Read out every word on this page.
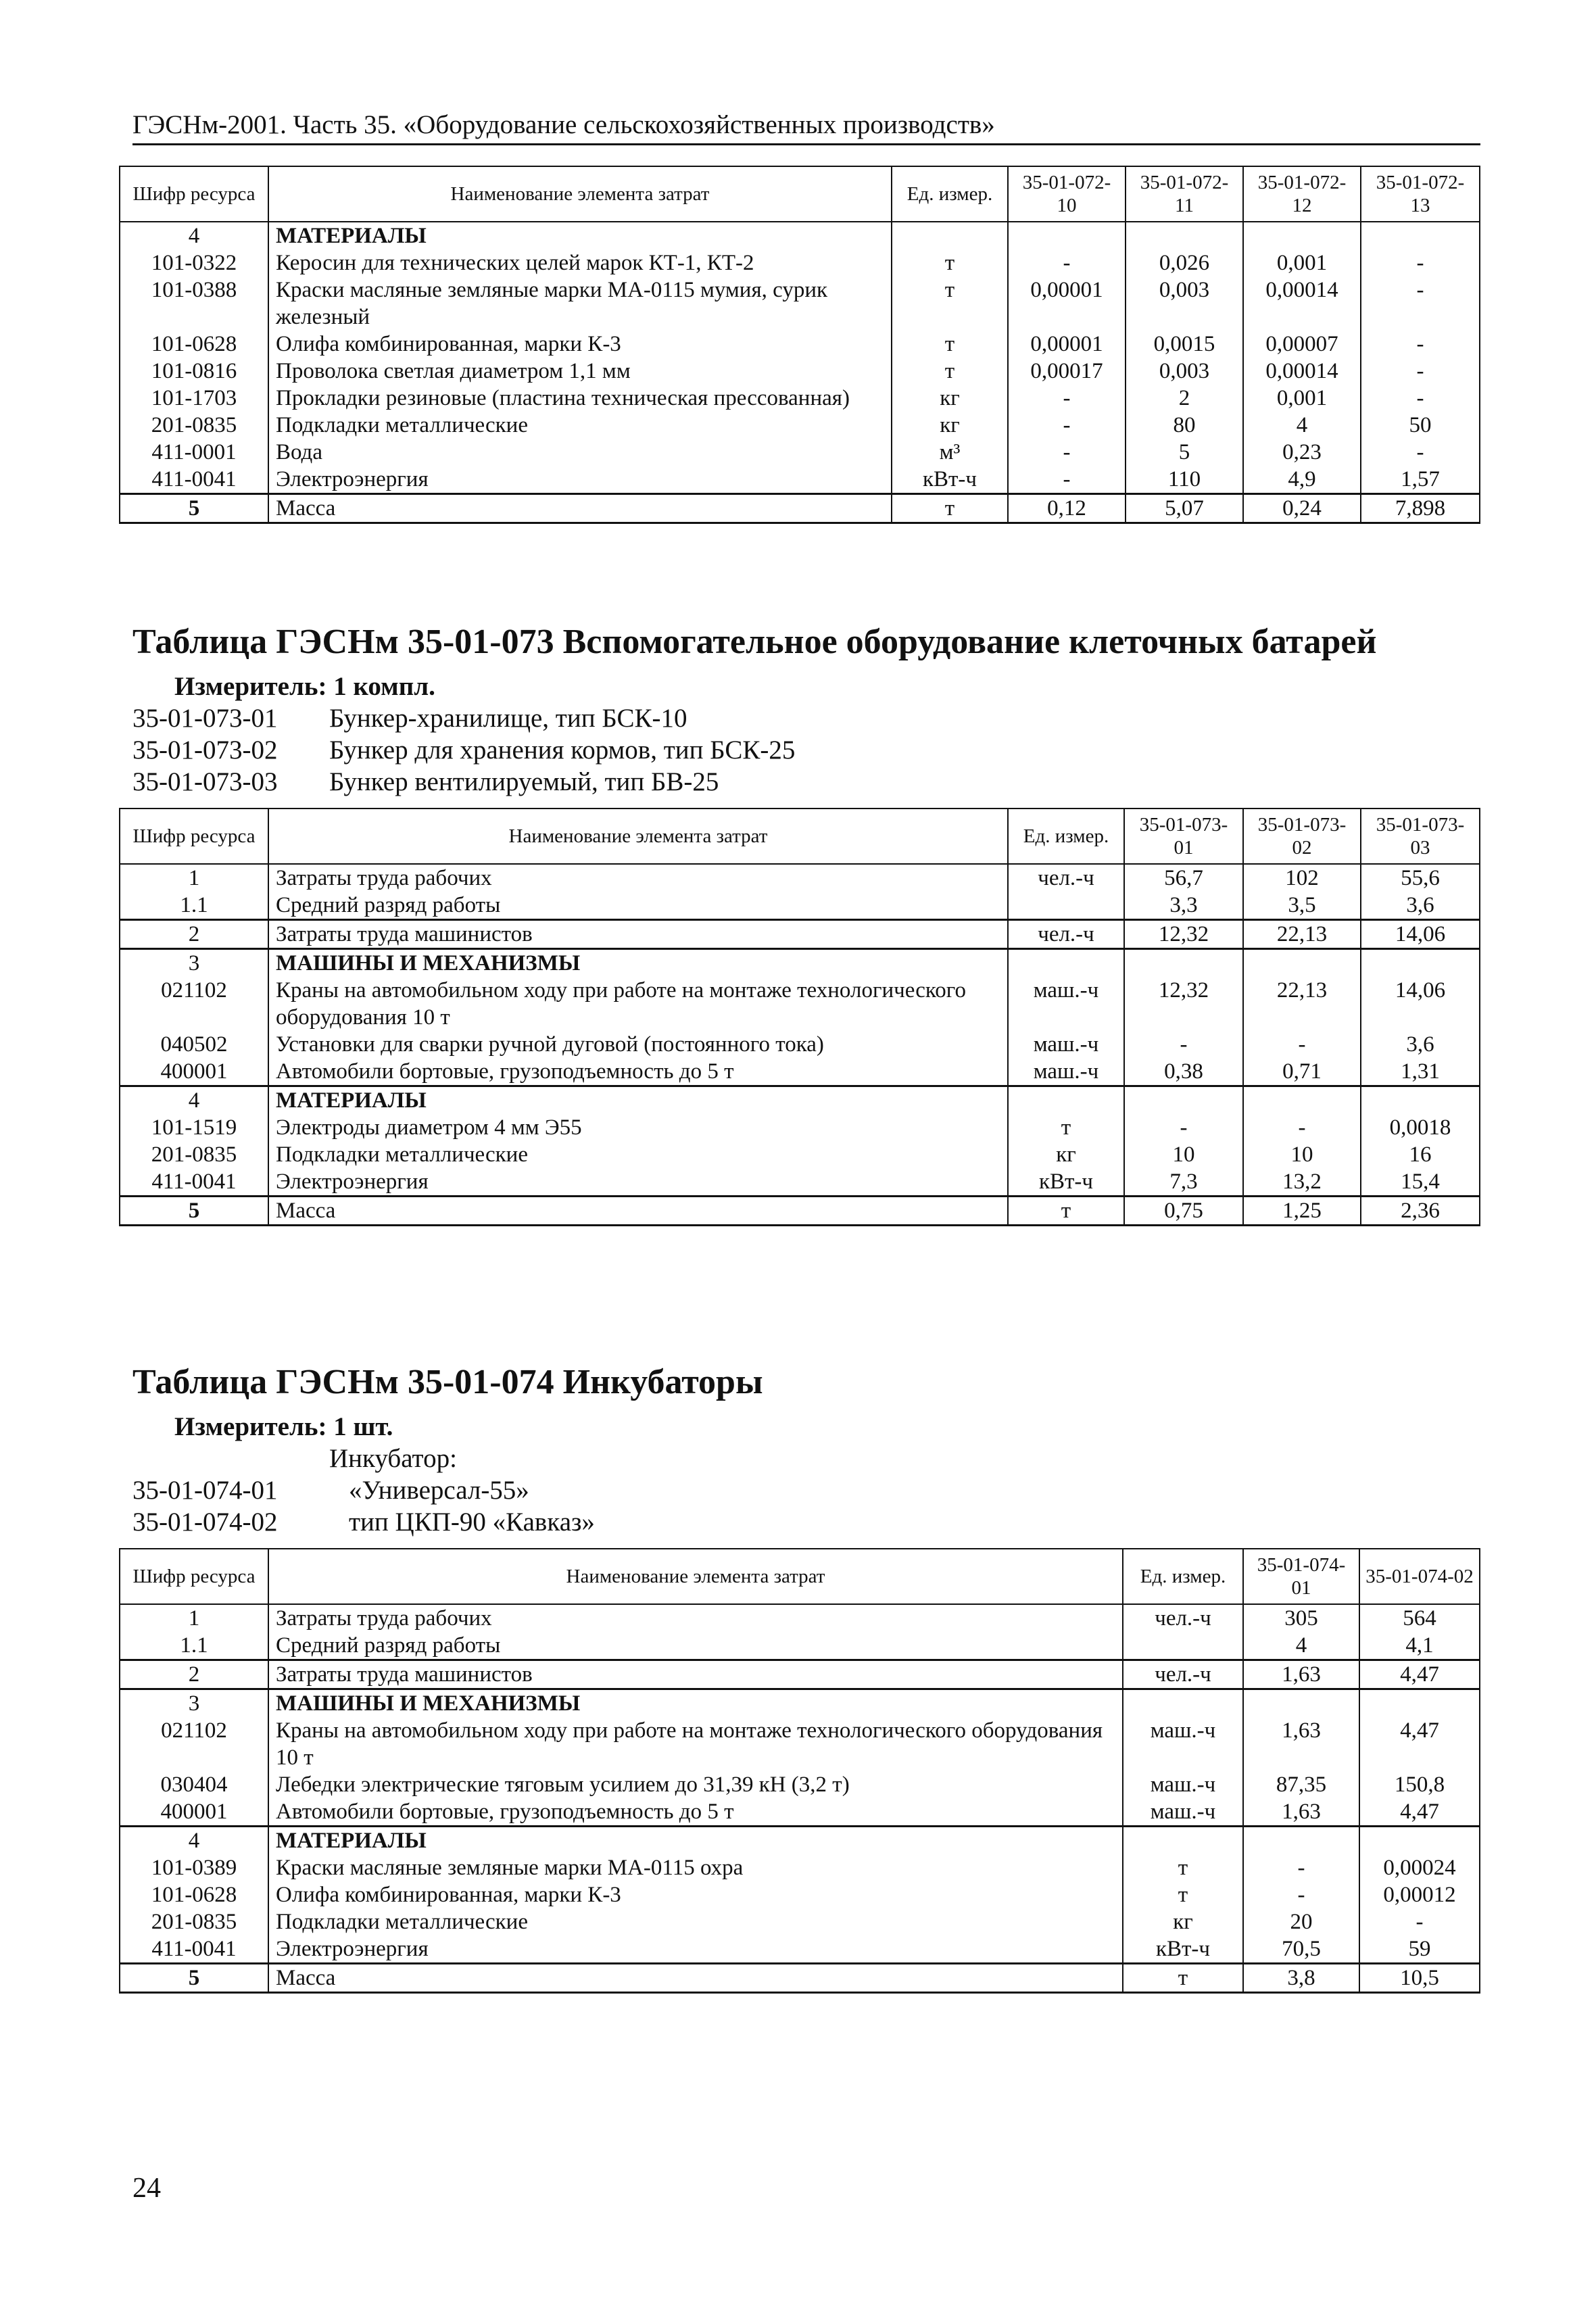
ГЭСНм-2001. Часть 35. «Оборудование сельскохозяйственных производств»
Шифр ресурса	Наименование элемента затрат	Ед. измер.	35-01-072-10	35-01-072-11	35-01-072-12	35-01-072-13
4	МАТЕРИАЛЫ					
101-0322	Керосин для технических целей марок КТ-1, КТ-2	т	-	0,026	0,001	-
101-0388	Краски масляные земляные марки МА-0115 мумия, сурик железный	т	0,00001	0,003	0,00014	-
101-0628	Олифа комбинированная, марки К-3	т	0,00001	0,0015	0,00007	-
101-0816	Проволока светлая диаметром 1,1 мм	т	0,00017	0,003	0,00014	-
101-1703	Прокладки резиновые (пластина техническая прессованная)	кг	-	2	0,001	-
201-0835	Подкладки металлические	кг	-	80	4	50
411-0001	Вода	м³	-	5	0,23	-
411-0041	Электроэнергия	кВт-ч	-	110	4,9	1,57
5	Масса	т	0,12	5,07	0,24	7,898
Таблица ГЭСНм 35-01-073 Вспомогательное оборудование клеточных батарей
Измеритель: 1 компл.
35-01-073-01 Бункер-хранилище, тип БСК-10
35-01-073-02 Бункер для хранения кормов, тип БСК-25
35-01-073-03 Бункер вентилируемый, тип БВ-25
Шифр ресурса	Наименование элемента затрат	Ед. измер.	35-01-073-01	35-01-073-02	35-01-073-03
1	Затраты труда рабочих	чел.-ч	56,7	102	55,6
1.1	Средний разряд работы		3,3	3,5	3,6
2	Затраты труда машинистов	чел.-ч	12,32	22,13	14,06
3	МАШИНЫ И МЕХАНИЗМЫ				
021102	Краны на автомобильном ходу при работе на монтаже технологического оборудования 10 т	маш.-ч	12,32	22,13	14,06
040502	Установки для сварки ручной дуговой (постоянного тока)	маш.-ч	-	-	3,6
400001	Автомобили бортовые, грузоподъемность до 5 т	маш.-ч	0,38	0,71	1,31
4	МАТЕРИАЛЫ				
101-1519	Электроды диаметром 4 мм Э55	т	-	-	0,0018
201-0835	Подкладки металлические	кг	10	10	16
411-0041	Электроэнергия	кВт-ч	7,3	13,2	15,4
5	Масса	т	0,75	1,25	2,36
Таблица ГЭСНм 35-01-074 Инкубаторы
Измеритель: 1 шт.
Инкубатор:
35-01-074-01	«Универсал-55»
35-01-074-02	тип ЦКП-90 «Кавказ»
Шифр ресурса	Наименование элемента затрат	Ед. измер.	35-01-074-01	35-01-074-02
1	Затраты труда рабочих	чел.-ч	305	564
1.1	Средний разряд работы		4	4,1
2	Затраты труда машинистов	чел.-ч	1,63	4,47
3	МАШИНЫ И МЕХАНИЗМЫ			
021102	Краны на автомобильном ходу при работе на монтаже технологического оборудования 10 т	маш.-ч	1,63	4,47
030404	Лебедки электрические тяговым усилием до 31,39 кН (3,2 т)	маш.-ч	87,35	150,8
400001	Автомобили бортовые, грузоподъемность до 5 т	маш.-ч	1,63	4,47
4	МАТЕРИАЛЫ			
101-0389	Краски масляные земляные марки МА-0115 охра	т	-	0,00024
101-0628	Олифа комбинированная, марки К-3	т	-	0,00012
201-0835	Подкладки металлические	кг	20	-
411-0041	Электроэнергия	кВт-ч	70,5	59
5	Масса	т	3,8	10,5
24
